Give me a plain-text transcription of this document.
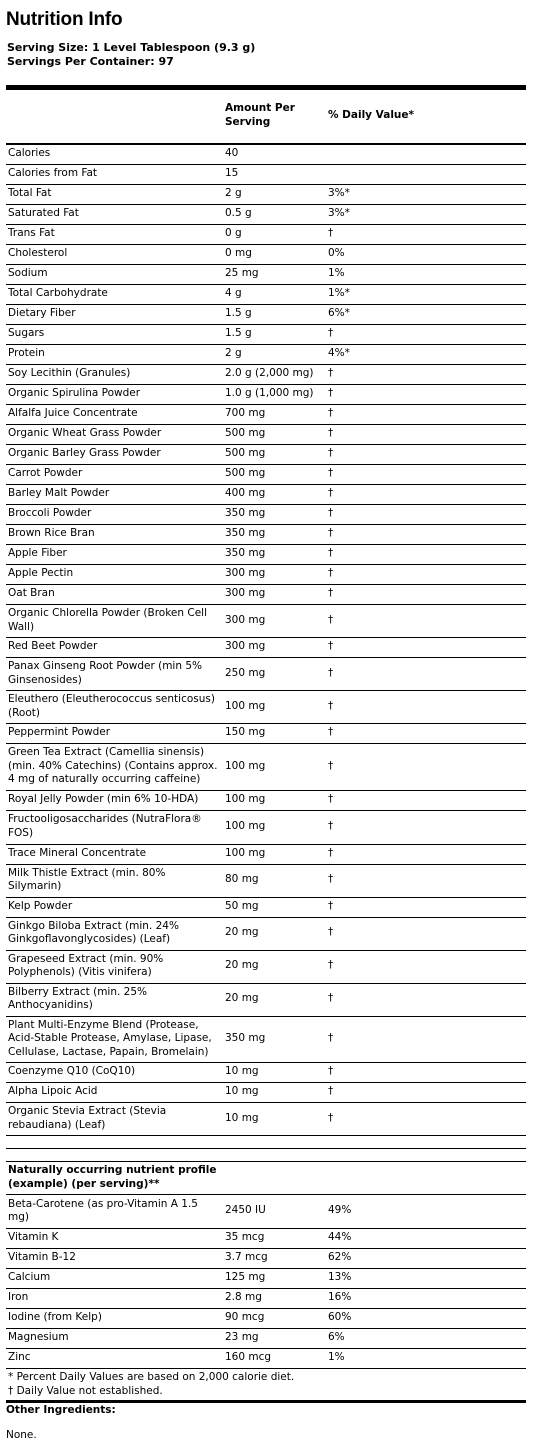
Nutrition Info
Serving Size: 1 Level Tablespoon (9.3 g)
Servings Per Container: 97
	Amount Per Serving	% Daily Value*
Calories	40	
Calories from Fat	15	
Total Fat	2 g	3%*
Saturated Fat	0.5 g	3%*
Trans Fat	0 g	†
Cholesterol	0 mg	0%
Sodium	25 mg	1%
Total Carbohydrate	4 g	1%*
Dietary Fiber	1.5 g	6%*
Sugars	1.5 g	†
Protein	2 g	4%*
Soy Lecithin (Granules)	2.0 g (2,000 mg)	†
Organic Spirulina Powder	1.0 g (1,000 mg)	†
Alfalfa Juice Concentrate	700 mg	†
Organic Wheat Grass Powder	500 mg	†
Organic Barley Grass Powder	500 mg	†
Carrot Powder	500 mg	†
Barley Malt Powder	400 mg	†
Broccoli Powder	350 mg	†
Brown Rice Bran	350 mg	†
Apple Fiber	350 mg	†
Apple Pectin	300 mg	†
Oat Bran	300 mg	†
Organic Chlorella Powder (Broken Cell Wall)	300 mg	†
Red Beet Powder	300 mg	†
Panax Ginseng Root Powder (min 5% Ginsenosides)	250 mg	†
Eleuthero (Eleutherococcus senticosus) (Root)	100 mg	†
Peppermint Powder	150 mg	†
Green Tea Extract (Camellia sinensis) (min. 40% Catechins) (Contains approx. 4 mg of naturally occurring caffeine)	100 mg	†
Royal Jelly Powder (min 6% 10-HDA)	100 mg	†
Fructooligosaccharides (NutraFlora® FOS)	100 mg	†
Trace Mineral Concentrate	100 mg	†
Milk Thistle Extract (min. 80% Silymarin)	80 mg	†
Kelp Powder	50 mg	†
Ginkgo Biloba Extract (min. 24% Ginkgoflavonglycosides) (Leaf)	20 mg	†
Grapeseed Extract (min. 90% Polyphenols) (Vitis vinifera)	20 mg	†
Bilberry Extract (min. 25% Anthocyanidins)	20 mg	†
Plant Multi-Enzyme Blend (Protease, Acid-Stable Protease, Amylase, Lipase, Cellulase, Lactase, Papain, Bromelain)	350 mg	†
Coenzyme Q10 (CoQ10)	10 mg	†
Alpha Lipoic Acid	10 mg	†
Organic Stevia Extract (Stevia rebaudiana) (Leaf)	10 mg	†

Naturally occurring nutrient profile (example) (per serving)**		
Beta-Carotene (as pro-Vitamin A 1.5 mg)	2450 IU	49%
Vitamin K	35 mcg	44%
Vitamin B-12	3.7 mcg	62%
Calcium	125 mg	13%
Iron	2.8 mg	16%
Iodine (from Kelp)	90 mcg	60%
Magnesium	23 mg	6%
Zinc	160 mcg	1%
* Percent Daily Values are based on 2,000 calorie diet.
† Daily Value not established.
Other Ingredients:
None.
